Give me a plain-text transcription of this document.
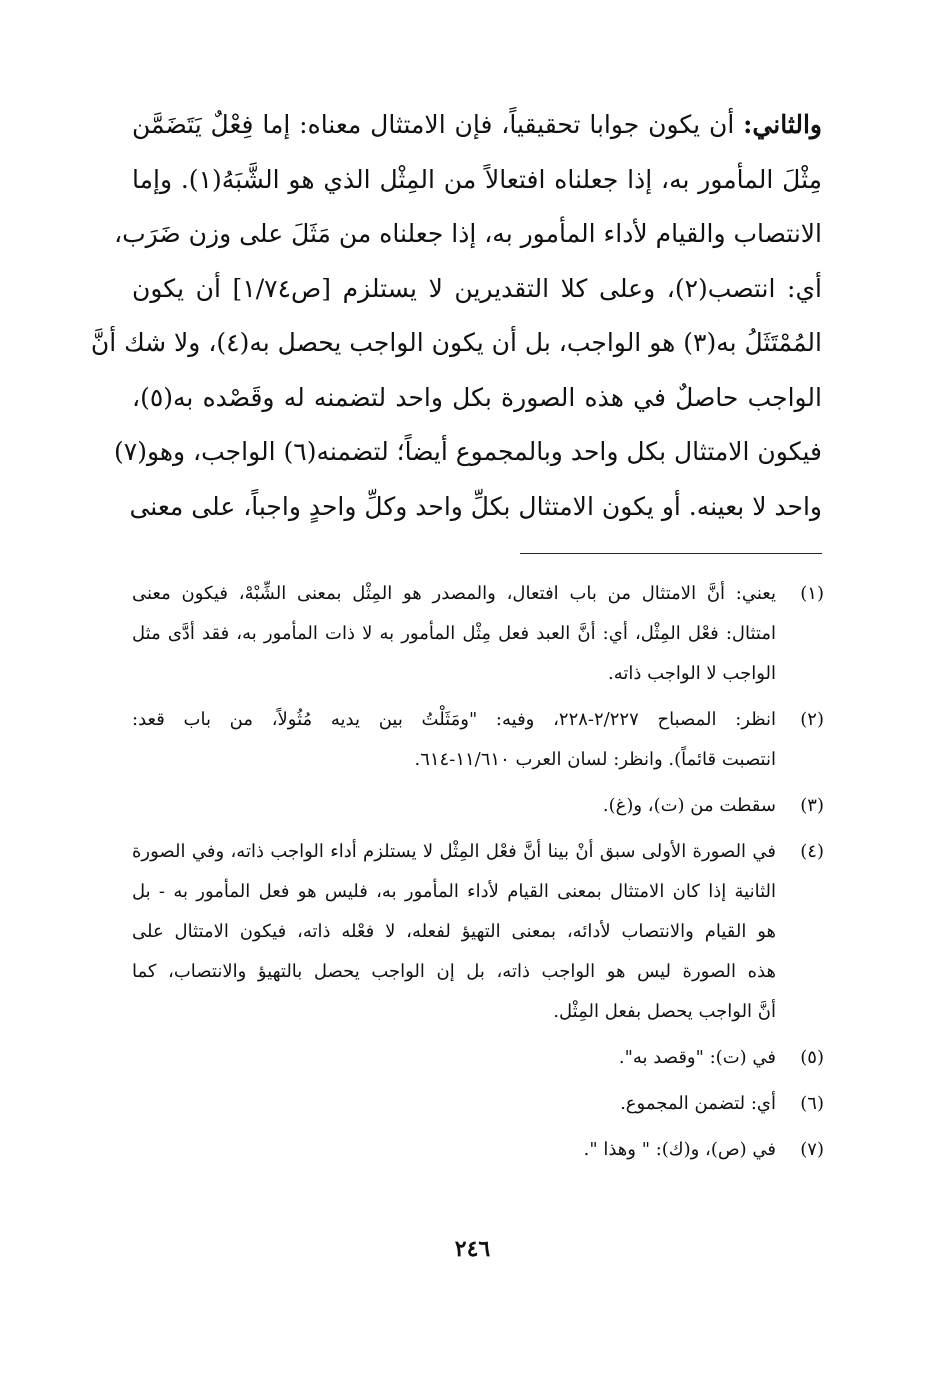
والثاني: أن يكون جوابا تحقيقياً، فإن الامتثال معناه: إما فِعْلٌ يَتَضَمَّن
مِثْلَ المأمور به، إذا جعلناه افتعالاً من المِثْل الذي هو الشَّبَهُ(١). وإما
الانتصاب والقيام لأداء المأمور به، إذا جعلناه من مَثَلَ على وزن ضَرَب،
أي: انتصب(٢)، وعلى كلا التقديرين لا يستلزم [ص١/٧٤] أن يكون
المُمْتَثَلُ به(٣) هو الواجب، بل أن يكون الواجب يحصل به(٤)، ولا شك أنَّ
الواجب حاصلٌ في هذه الصورة بكل واحد لتضمنه له وقَصْده به(٥)،
فيكون الامتثال بكل واحد وبالمجموع أيضاً؛ لتضمنه(٦) الواجب، وهو(٧)
واحد لا بعينه. أو يكون الامتثال بكلِّ واحد وكلِّ واحدٍ واجباً، على معنى
(١)
يعني: أنَّ الامتثال من باب افتعال، والمصدر هو المِثْل بمعنى الشِّبْهْ، فيكون معنى
امتثال: فعْل المِثْل، أي: أنَّ العبد فعل مِثْل المأمور به لا ذات المأمور به، فقد أدَّى مثل
الواجب لا الواجب ذاته.
(٢)
انظر: المصباح ٢/٢٢٧-٢٢٨، وفيه: "ومَثَلْتُ بين يديه مُثُولاً، من باب قعد:
انتصبت قائماً). وانظر: لسان العرب ١١/٦١٠-٦١٤.
(٣)
سقطت من (ت)، و(غ).
(٤)
في الصورة الأولى سبق أنْ بينا أنَّ فعْل المِثْل لا يستلزم أداء الواجب ذاته، وفي الصورة
الثانية إذا كان الامتثال بمعنى القيام لأداء المأمور به، فليس هو فعل المأمور به - بل
هو القيام والانتصاب لأدائه، بمعنى التهيؤ لفعله، لا فعْله ذاته، فيكون الامتثال على
هذه الصورة ليس هو الواجب ذاته، بل إن الواجب يحصل بالتهيؤ والانتصاب، كما
أنَّ الواجب يحصل بفعل المِثْل.
(٥)
في (ت): "وقصد به".
(٦)
أي: لتضمن المجموع.
(٧)
في (ص)، و(ك): " وهذا ".
٢٤٦
